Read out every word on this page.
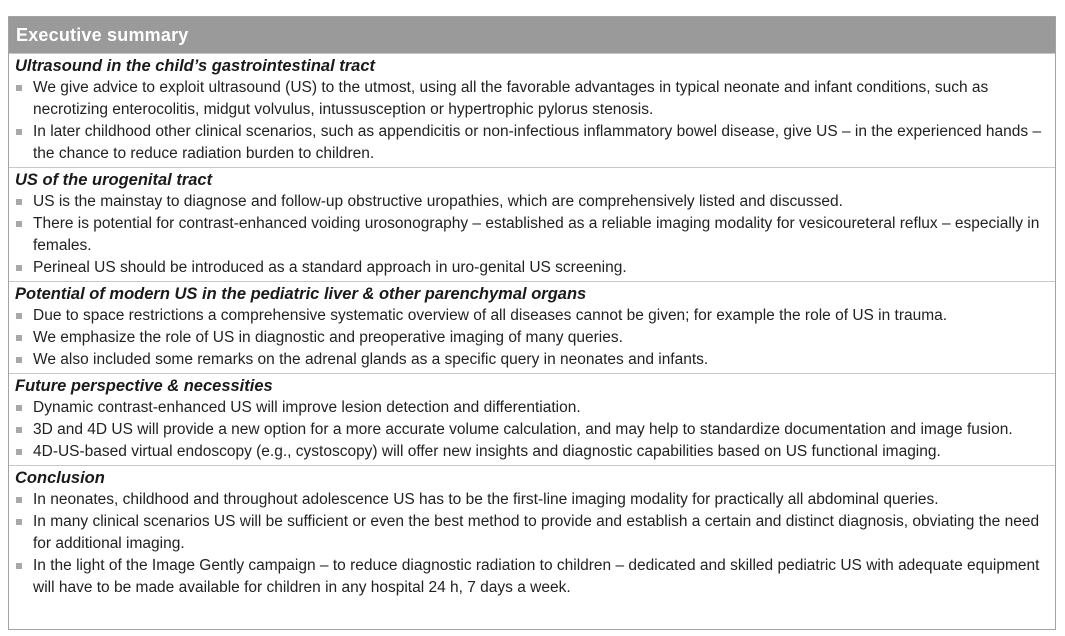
Executive summary
Ultrasound in the child’s gastrointestinal tract
We give advice to exploit ultrasound (US) to the utmost, using all the favorable advantages in typical neonate and infant conditions, such as necrotizing enterocolitis, midgut volvulus, intussusception or hypertrophic pylorus stenosis.
In later childhood other clinical scenarios, such as appendicitis or non-infectious inflammatory bowel disease, give US – in the experienced hands – the chance to reduce radiation burden to children.
US of the urogenital tract
US is the mainstay to diagnose and follow-up obstructive uropathies, which are comprehensively listed and discussed.
There is potential for contrast-enhanced voiding urosonography – established as a reliable imaging modality for vesicoureteral reflux – especially in females.
Perineal US should be introduced as a standard approach in uro-genital US screening.
Potential of modern US in the pediatric liver & other parenchymal organs
Due to space restrictions a comprehensive systematic overview of all diseases cannot be given; for example the role of US in trauma.
We emphasize the role of US in diagnostic and preoperative imaging of many queries.
We also included some remarks on the adrenal glands as a specific query in neonates and infants.
Future perspective & necessities
Dynamic contrast-enhanced US will improve lesion detection and differentiation.
3D and 4D US will provide a new option for a more accurate volume calculation, and may help to standardize documentation and image fusion.
4D-US-based virtual endoscopy (e.g., cystoscopy) will offer new insights and diagnostic capabilities based on US functional imaging.
Conclusion
In neonates, childhood and throughout adolescence US has to be the first-line imaging modality for practically all abdominal queries.
In many clinical scenarios US will be sufficient or even the best method to provide and establish a certain and distinct diagnosis, obviating the need for additional imaging.
In the light of the Image Gently campaign – to reduce diagnostic radiation to children – dedicated and skilled pediatric US with adequate equipment will have to be made available for children in any hospital 24 h, 7 days a week.
